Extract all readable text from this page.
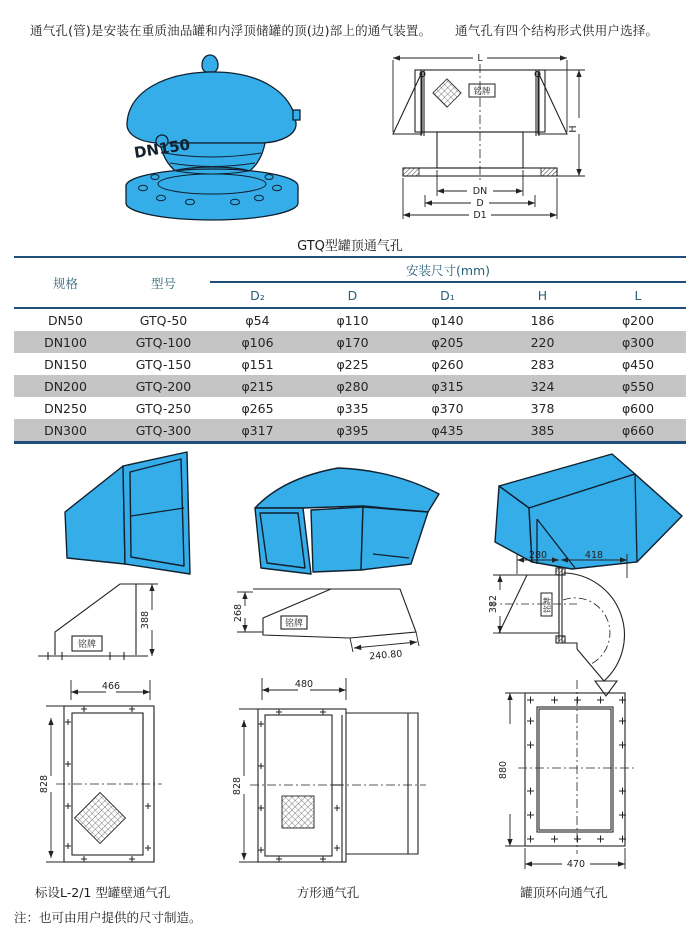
通气孔(管)是安装在重质油品罐和内浮顶储罐的顶(边)部上的通气装置。 通气孔有四个结构形式供用户选择。
DN150
L
铭牌
H
DN
D
D1
GTQ型罐顶通气孔
规格	型号
安装尺寸(mm)
D₂	D	D₁	H	L
DN50	GTQ-50	φ54	φ110	φ140	186	φ200
DN100	GTQ-100	φ106	φ170	φ205	220	φ300
DN150	GTQ-150	φ151	φ225	φ260	283	φ450
DN200	GTQ-200	φ215	φ280	φ315	324	φ550
DN250	GTQ-250	φ265	φ335	φ370	378	φ600
DN300	GTQ-300	φ317	φ395	φ435	385	φ660
铭牌
388	铭牌
268
240.80
280	418
铭牌
382
466
828
480
828
880
470
标设L-2/1 型罐壁通气孔	方形通气孔	罐顶环向通气孔
注：也可由用户提供的尺寸制造。
